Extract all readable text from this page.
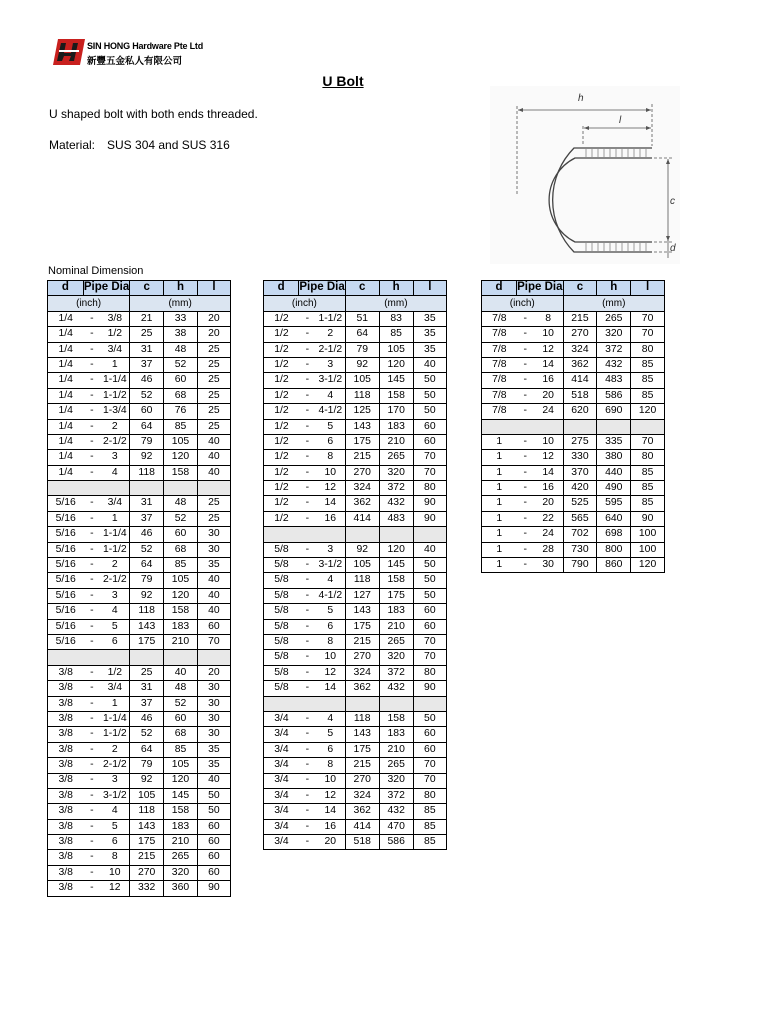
SIN HONG Hardware Pte Ltd
新豐五金私人有限公司
U Bolt
U shaped bolt with both ends threaded.
Material: SUS 304 and SUS 316
h
l
c
d
Nominal Dimension
d	Pipe Dia		c	h	l
(inch)			(mm)		
1/4	-	3/8	21	33	20
1/4	-	1/2	25	38	20
1/4	-	3/4	31	48	25
1/4	-	1	37	52	25
1/4	-	1-1/4	46	60	25
1/4	-	1-1/2	52	68	25
1/4	-	1-3/4	60	76	25
1/4	-	2	64	85	25
1/4	-	2-1/2	79	105	40
1/4	-	3	92	120	40
1/4	-	4	118	158	40

5/16	-	3/4	31	48	25
5/16	-	1	37	52	25
5/16	-	1-1/4	46	60	30
5/16	-	1-1/2	52	68	30
5/16	-	2	64	85	35
5/16	-	2-1/2	79	105	40
5/16	-	3	92	120	40
5/16	-	4	118	158	40
5/16	-	5	143	183	60
5/16	-	6	175	210	70

3/8	-	1/2	25	40	20
3/8	-	3/4	31	48	30
3/8	-	1	37	52	30
3/8	-	1-1/4	46	60	30
3/8	-	1-1/2	52	68	30
3/8	-	2	64	85	35
3/8	-	2-1/2	79	105	35
3/8	-	3	92	120	40
3/8	-	3-1/2	105	145	50
3/8	-	4	118	158	50
3/8	-	5	143	183	60
3/8	-	6	175	210	60
3/8	-	8	215	265	60
3/8	-	10	270	320	60
3/8	-	12	332	360	90
d	Pipe Dia		c	h	l
(inch)			(mm)		
1/2	-	1-1/2	51	83	35
1/2	-	2	64	85	35
1/2	-	2-1/2	79	105	35
1/2	-	3	92	120	40
1/2	-	3-1/2	105	145	50
1/2	-	4	118	158	50
1/2	-	4-1/2	125	170	50
1/2	-	5	143	183	60
1/2	-	6	175	210	60
1/2	-	8	215	265	70
1/2	-	10	270	320	70
1/2	-	12	324	372	80
1/2	-	14	362	432	90
1/2	-	16	414	483	90

5/8	-	3	92	120	40
5/8	-	3-1/2	105	145	50
5/8	-	4	118	158	50
5/8	-	4-1/2	127	175	50
5/8	-	5	143	183	60
5/8	-	6	175	210	60
5/8	-	8	215	265	70
5/8	-	10	270	320	70
5/8	-	12	324	372	80
5/8	-	14	362	432	90

3/4	-	4	118	158	50
3/4	-	5	143	183	60
3/4	-	6	175	210	60
3/4	-	8	215	265	70
3/4	-	10	270	320	70
3/4	-	12	324	372	80
3/4	-	14	362	432	85
3/4	-	16	414	470	85
3/4	-	20	518	586	85
d	Pipe Dia		c	h	l
(inch)			(mm)		
7/8	-	8	215	265	70
7/8	-	10	270	320	70
7/8	-	12	324	372	80
7/8	-	14	362	432	85
7/8	-	16	414	483	85
7/8	-	20	518	586	85
7/8	-	24	620	690	120

1	-	10	275	335	70
1	-	12	330	380	80
1	-	14	370	440	85
1	-	16	420	490	85
1	-	20	525	595	85
1	-	22	565	640	90
1	-	24	702	698	100
1	-	28	730	800	100
1	-	30	790	860	120
